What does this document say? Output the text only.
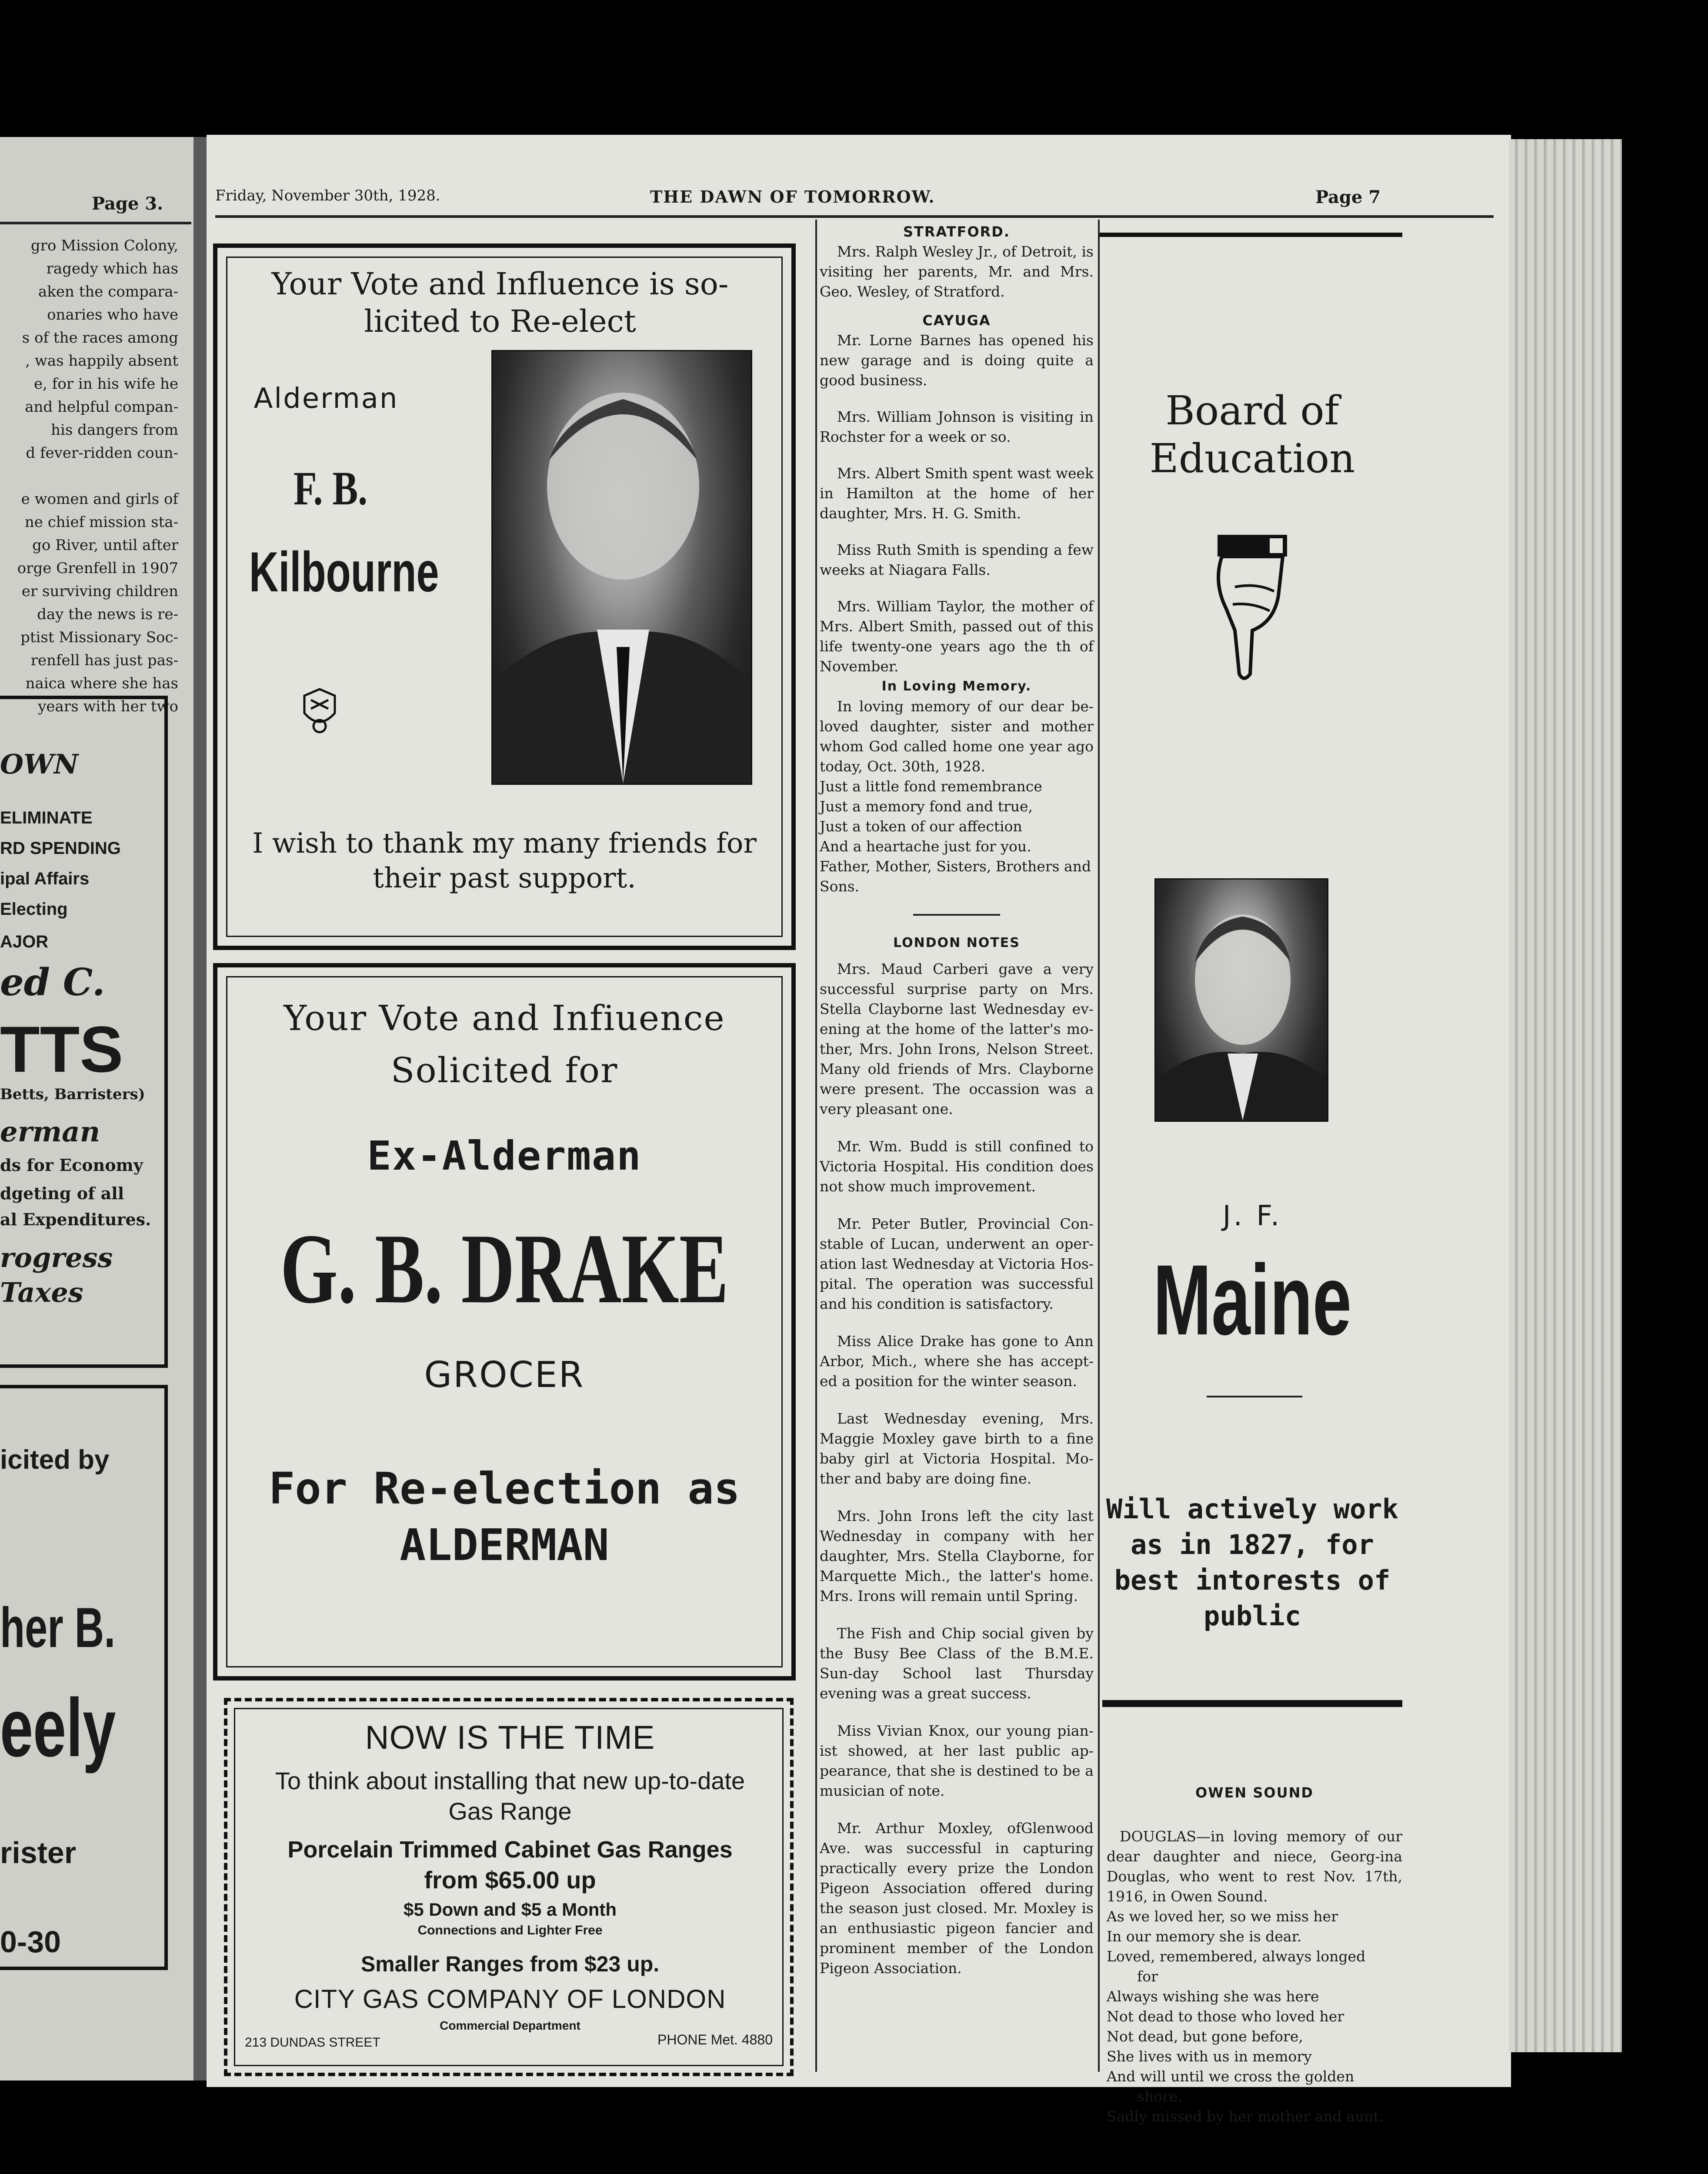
Page 3.
gro Mission Colony,
ragedy which has
aken the compara-
onaries who have
s of the races among
, was happily absent
e, for in his wife he
and helpful compan-
his dangers from
d fever-ridden coun-
e women and girls of
ne chief mission sta-
go River, until after
orge Grenfell in 1907
er surviving children
day the news is re-
ptist Missionary Soc-
renfell has just pas-
naica where she has
years with her two
OWN
ELIMINATE
RD SPENDING
ipal Affairs
Electing
AJOR
ed C.
TTS
Betts, Barristers)
erman
ds for Economy
dgeting of all
al Expenditures.
rogress
Taxes
icited by
her B.
eely
rister
0-30
Friday, November 30th, 1928.	THE DAWN OF TOMORROW.	Page 7
Your Vote and Influence is so-licited to Re-elect
Alderman
F. B.
Kilbourne
I wish to thank my many friends for their past support.
Your Vote and Infiuence
Solicited for
Ex-Alderman
G. B. DRAKE
GROCER
For Re-election as
ALDERMAN
NOW IS THE TIME
To think about installing that new up-to-date
Gas Range
Porcelain Trimmed Cabinet Gas Ranges
from $65.00 up
$5 Down and $5 a Month
Connections and Lighter Free
Smaller Ranges from $23 up.
CITY GAS COMPANY OF LONDON
Commercial Department
213 DUNDAS STREET	PHONE Met. 4880
STRATFORD.

Mrs. Ralph Wesley Jr., of Detroit, is visiting her parents, Mr. and Mrs. Geo. Wesley, of Stratford.

CAYUGA

Mr. Lorne Barnes has opened his new garage and is doing quite a good business.

Mrs. William Johnson is visiting in Rochster for a week or so.

Mrs. Albert Smith spent wast week in Hamilton at the home of her daughter, Mrs. H. G. Smith.

Miss Ruth Smith is spending a few weeks at Niagara Falls.

Mrs. William Taylor, the mother of Mrs. Albert Smith, passed out of this life twenty-one years ago the th of November.

In Loving Memory.

In loving memory of our dear be-loved daughter, sister and mother whom God called home one year ago today, Oct. 30th, 1928.

Just a little fond remembrance

Just a memory fond and true,

Just a token of our affection

And a heartache just for you.

Father, Mother, Sisters, Brothers and Sons.

LONDON NOTES

Mrs. Maud Carberi gave a very successful surprise party on Mrs. Stella Clayborne last Wednesday ev-ening at the home of the latter's mo-ther, Mrs. John Irons, Nelson Street. Many old friends of Mrs. Clayborne were present. The occassion was a very pleasant one.

Mr. Wm. Budd is still confined to Victoria Hospital. His condition does not show much improvement.

Mr. Peter Butler, Provincial Con-stable of Lucan, underwent an oper-ation last Wednesday at Victoria Hos-pital. The operation was successful and his condition is satisfactory.

Miss Alice Drake has gone to Ann Arbor, Mich., where she has accept-ed a position for the winter season.

Last Wednesday evening, Mrs. Maggie Moxley gave birth to a fine baby girl at Victoria Hospital. Mo-ther and baby are doing fine.

Mrs. John Irons left the city last Wednesday in company with her daughter, Mrs. Stella Clayborne, for Marquette Mich., the latter's home. Mrs. Irons will remain until Spring.

The Fish and Chip social given by the Busy Bee Class of the B.M.E. Sun-day School last Thursday evening was a great success.

Miss Vivian Knox, our young pian-ist showed, at her last public ap-pearance, that she is destined to be a musician of note.

Mr. Arthur Moxley, ofGlenwood Ave. was successful in capturing practically every prize the London Pigeon Association offered during the season just closed. Mr. Moxley is an enthusiastic pigeon fancier and prominent member of the London Pigeon Association.

Board of
Education
J. F.
Maine
Will actively work as in 1827, for best intorests of public
OWEN SOUND

DOUGLAS—in loving memory of our dear daughter and niece, Georg-ina Douglas, who went to rest Nov. 17th, 1916, in Owen Sound.

As we loved her, so we miss her

In our memory she is dear.

Loved, remembered, always longed

for

Always wishing she was here

Not dead to those who loved her

Not dead, but gone before,

She lives with us in memory

And will until we cross the golden

shore.

Sadly missed by her mother and aunt.
